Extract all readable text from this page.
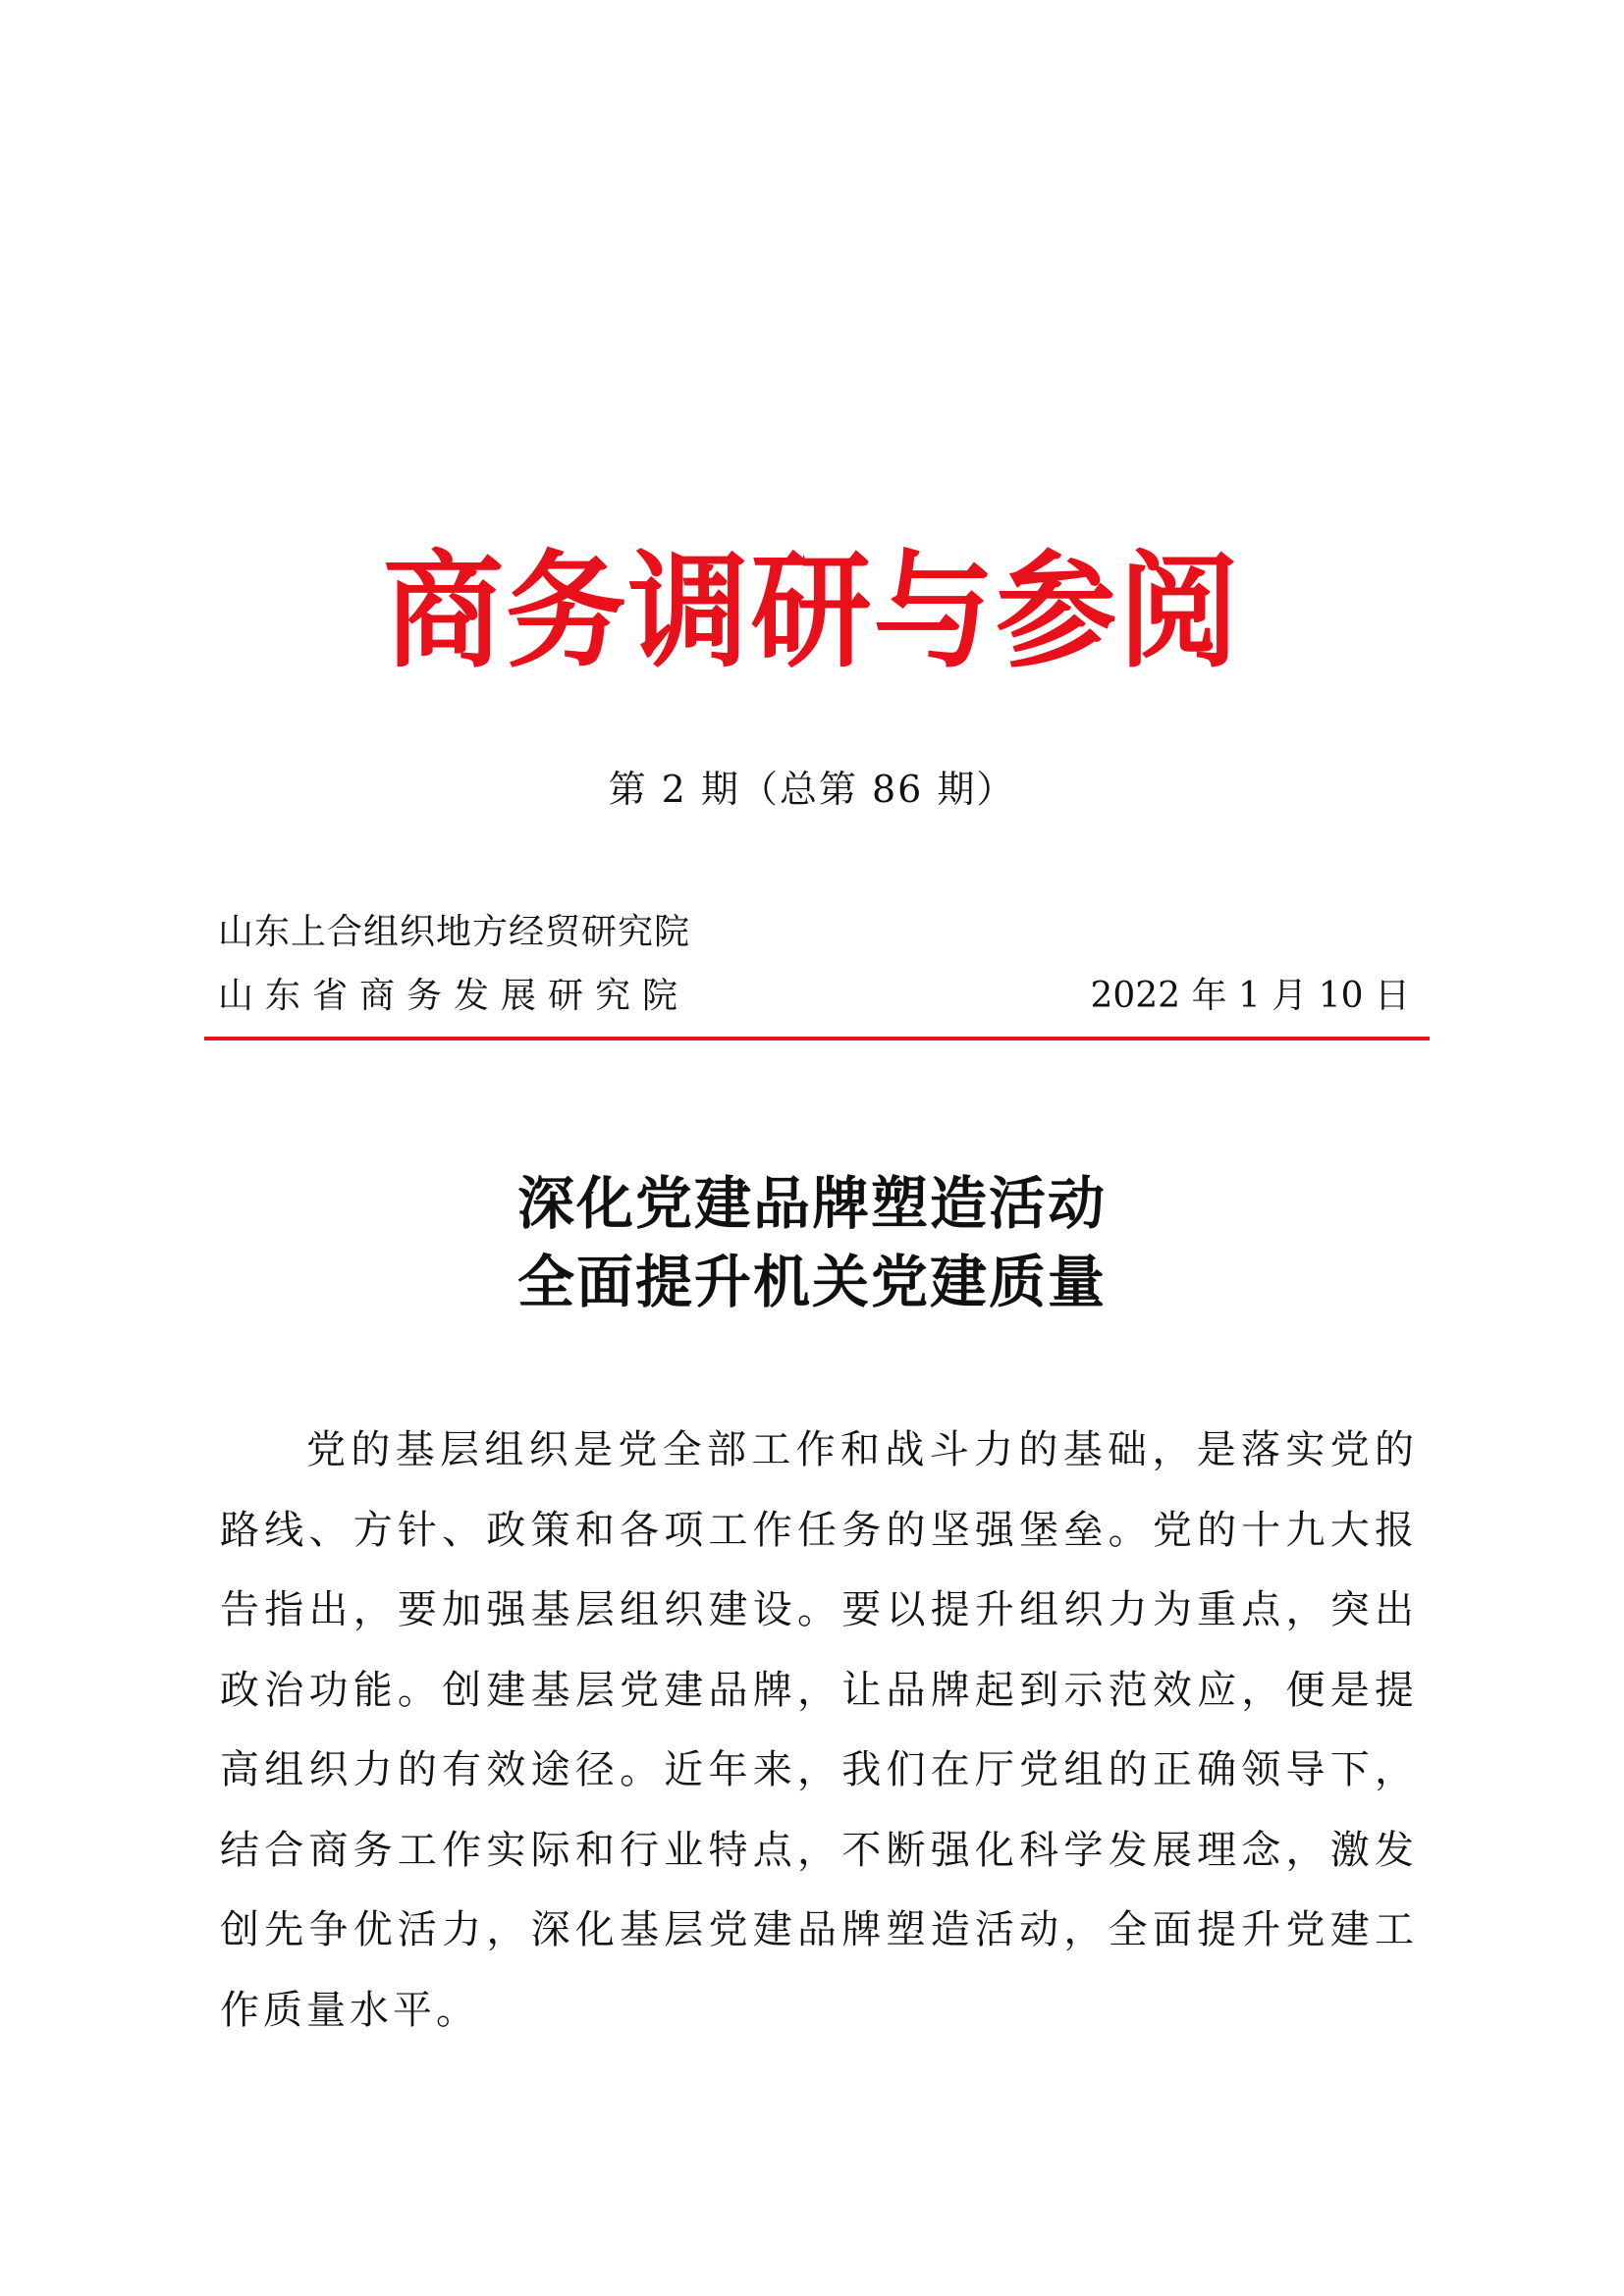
商务调研与参阅
第 2 期（总第 86 期）
山东上合组织地方经贸研究院
山东省商务发展研究院	2022 年 1 月 10 日
深化党建品牌塑造活动
全面提升机关党建质量

党的基层组织是党全部工作和战斗力的基础，是落实党的路线、方针、政策和各项工作任务的坚强堡垒。党的十九大报告指出，要加强基层组织建设。要以提升组织力为重点，突出政治功能。创建基层党建品牌，让品牌起到示范效应，便是提高组织力的有效途径。近年来，我们在厅党组的正确领导下，结合商务工作实际和行业特点，不断强化科学发展理念，激发创先争优活力，深化基层党建品牌塑造活动，全面提升党建工作质量水平。
